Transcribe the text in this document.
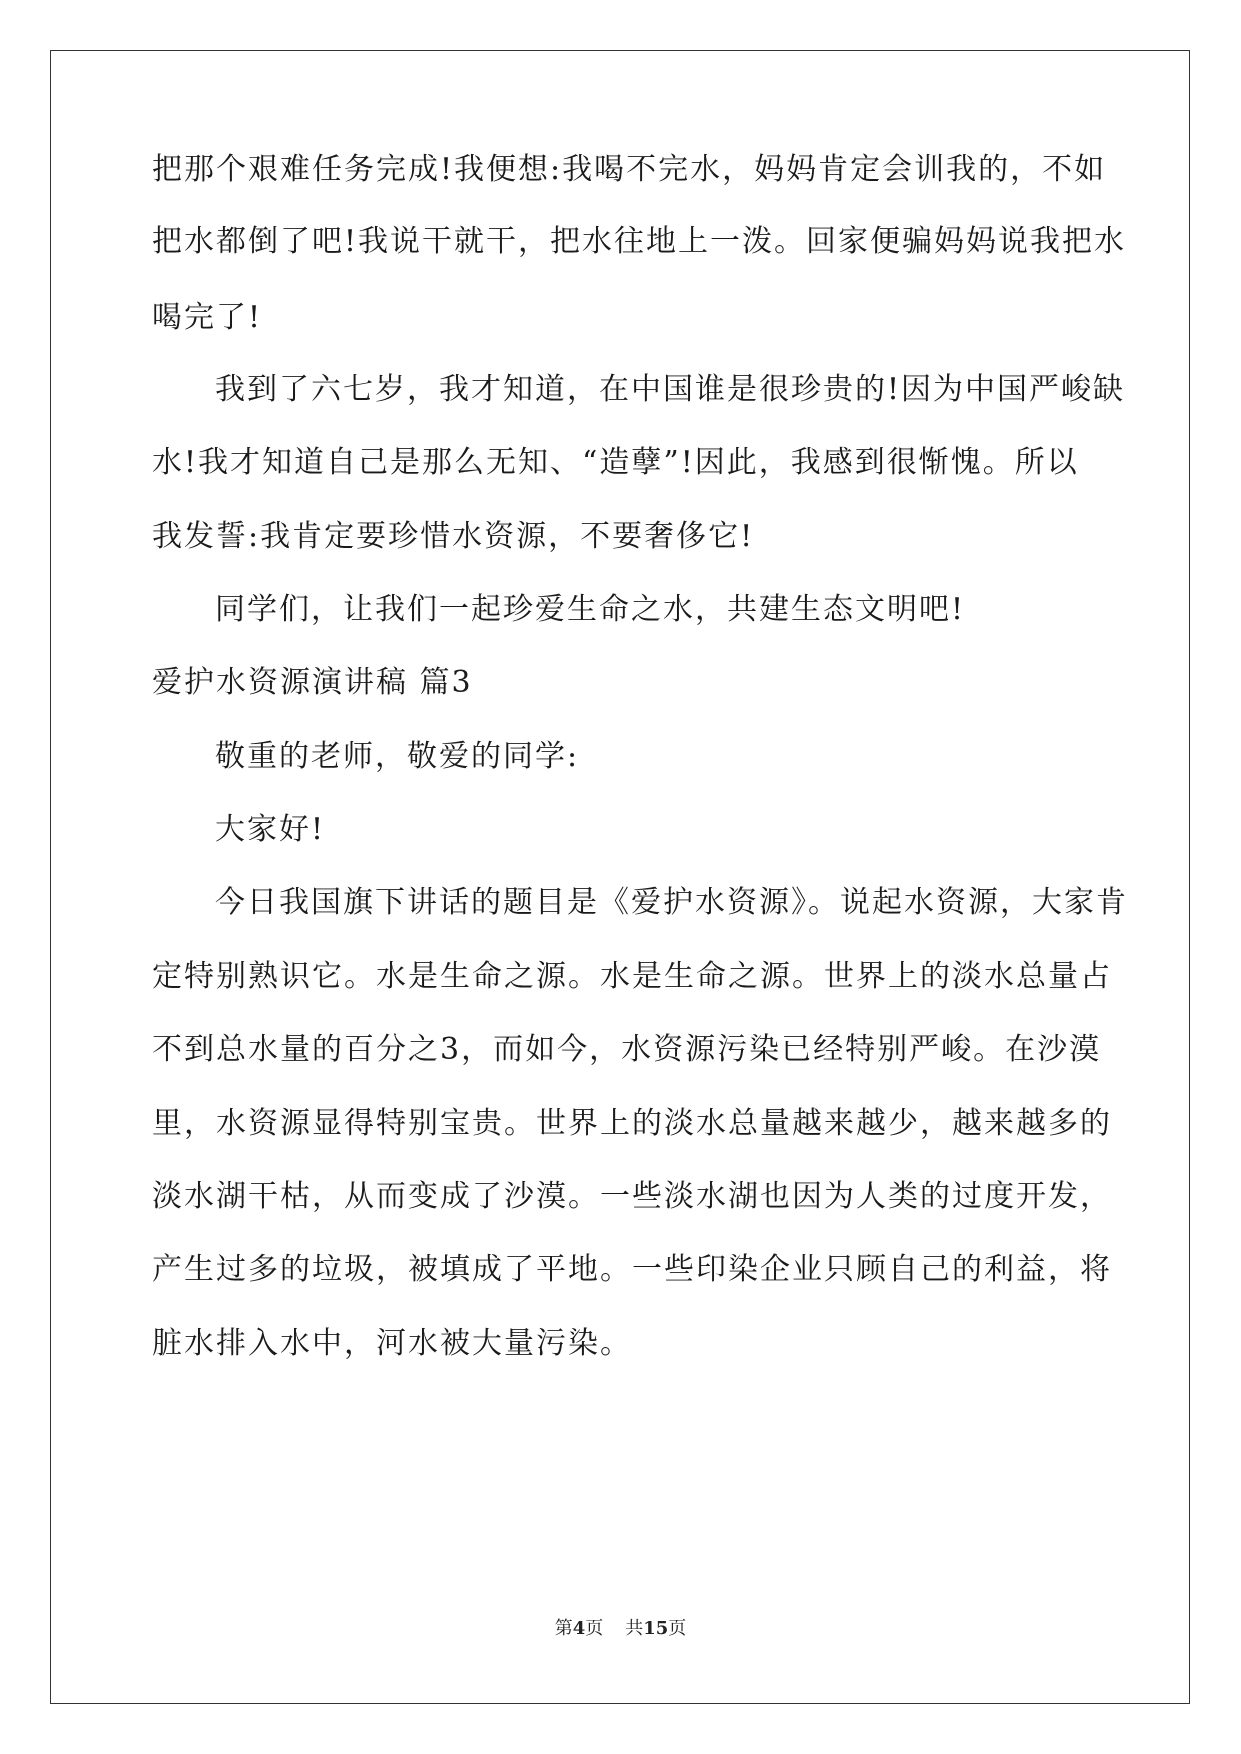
把那个艰难任务完成!我便想:我喝不完水，妈妈肯定会训我的，不如
把水都倒了吧!我说干就干，把水往地上一泼。回家便骗妈妈说我把水
喝完了!
我到了六七岁，我才知道，在中国谁是很珍贵的!因为中国严峻缺
水!我才知道自己是那么无知、“造孽”!因此，我感到很惭愧。所以
我发誓:我肯定要珍惜水资源，不要奢侈它!
同学们，让我们一起珍爱生命之水，共建生态文明吧!
爱护水资源演讲稿 篇3
敬重的老师，敬爱的同学:
大家好!
今日我国旗下讲话的题目是《爱护水资源》。说起水资源，大家肯
定特别熟识它。水是生命之源。水是生命之源。世界上的淡水总量占
不到总水量的百分之3，而如今，水资源污染已经特别严峻。在沙漠
里，水资源显得特别宝贵。世界上的淡水总量越来越少，越来越多的
淡水湖干枯，从而变成了沙漠。一些淡水湖也因为人类的过度开发，
产生过多的垃圾，被填成了平地。一些印染企业只顾自己的利益，将
脏水排入水中，河水被大量污染。
第4页 共15页
